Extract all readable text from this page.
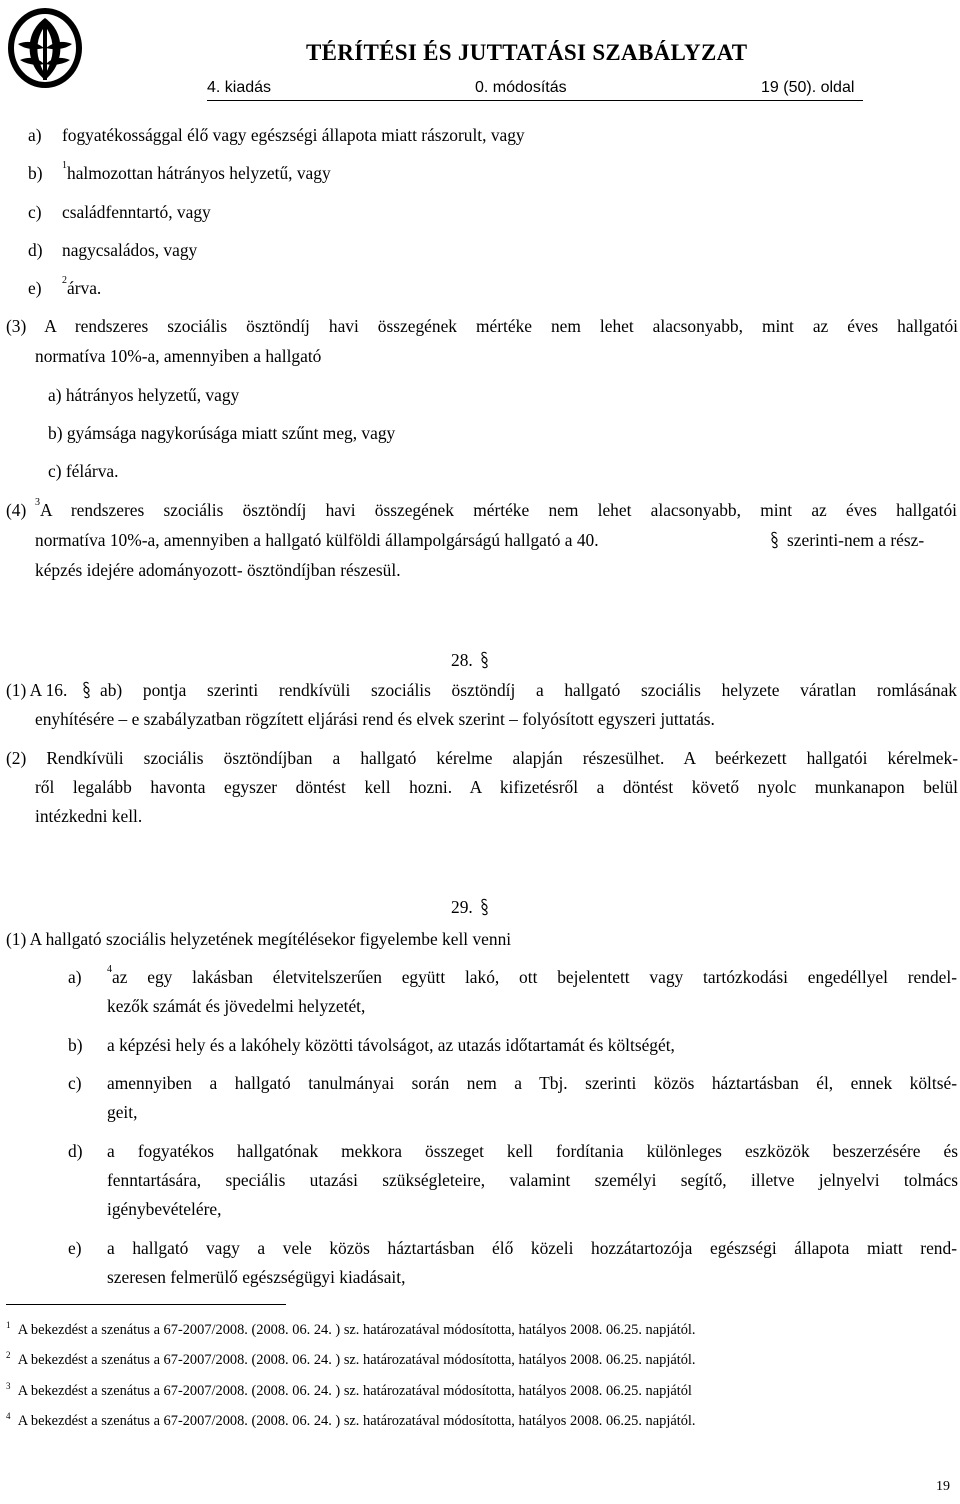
TÉRÍTÉSI ÉS JUTTATÁSI SZABÁLYZAT
4. kiadás	0. módosítás	19 (50). oldal
a) fogyatékossággal élő vagy egészségi állapota miatt rászorult, vagy
b) $^1$halmozottan hátrányos helyzetű, vagy
c) családfenntartó, vagy
d) nagycsaládos, vagy
e) $^2$árva.
(3) A rendszeres szociális ösztöndíj havi összegének mértéke nem lehet alacsonyabb, mint az éves hallgatói
normatíva 10%-a, amennyiben a hallgató
a) hátrányos helyzetű, vagy
b) gyámsága nagykorúsága miatt szűnt meg, vagy
c) félárva.
(4) $^3$A rendszeres szociális ösztöndíj havi összegének mértéke nem lehet alacsonyabb, mint az éves hallgatói
normatíva 10%-a, amennyiben a hallgató külföldi állampolgárságú hallgató a 40.	szerinti-nem a rész-
képzés idejére adományozott- ösztöndíjban részesül.
28.
(1) A 16. ab) pontja szerinti rendkívüli szociális ösztöndíj a hallgató szociális helyzete váratlan romlásának
enyhítésére – e szabályzatban rögzített eljárási rend és elvek szerint – folyósított egyszeri juttatás.
(2) Rendkívüli szociális ösztöndíjban a hallgató kérelme alapján részesülhet. A beérkezett hallgatói kérelmek-
ről legalább havonta egyszer döntést kell hozni. A kifizetésről a döntést követő nyolc munkanapon belül
intézkedni kell.
29.
(1) A hallgató szociális helyzetének megítélésekor figyelembe kell venni
a)	$^4$az egy lakásban életvitelszerűen együtt lakó, ott bejelentett vagy tartózkodási engedéllyel rendel-
kezők számát és jövedelmi helyzetét,
b) a képzési hely és a lakóhely közötti távolságot, az utazás időtartamát és költségét,
c) amennyiben a hallgató tanulmányai során nem a Tbj. szerinti közös háztartásban él, ennek költsé-
geit,
d) a fogyatékos hallgatónak mekkora összeget kell fordítania különleges eszközök beszerzésére és
fenntartására, speciális utazási szükségleteire, valamint személyi segítő, illetve jelnyelvi tolmács
igénybevételére,
e) a hallgató vagy a vele közös háztartásban élő közeli hozzátartozója egészségi állapota miatt rend-
szeresen felmerülő egészségügyi kiadásait,
$^1$ A bekezdést a szenátus a 67-2007/2008. (2008. 06. 24. ) sz. határozatával módosította, hatályos 2008. 06.25. napjától.
$^2$ A bekezdést a szenátus a 67-2007/2008. (2008. 06. 24. ) sz. határozatával módosította, hatályos 2008. 06.25. napjától.
$^3$ A bekezdést a szenátus a 67-2007/2008. (2008. 06. 24. ) sz. határozatával módosította, hatályos 2008. 06.25. napjától
$^4$ A bekezdést a szenátus a 67-2007/2008. (2008. 06. 24. ) sz. határozatával módosította, hatályos 2008. 06.25. napjától.
19
